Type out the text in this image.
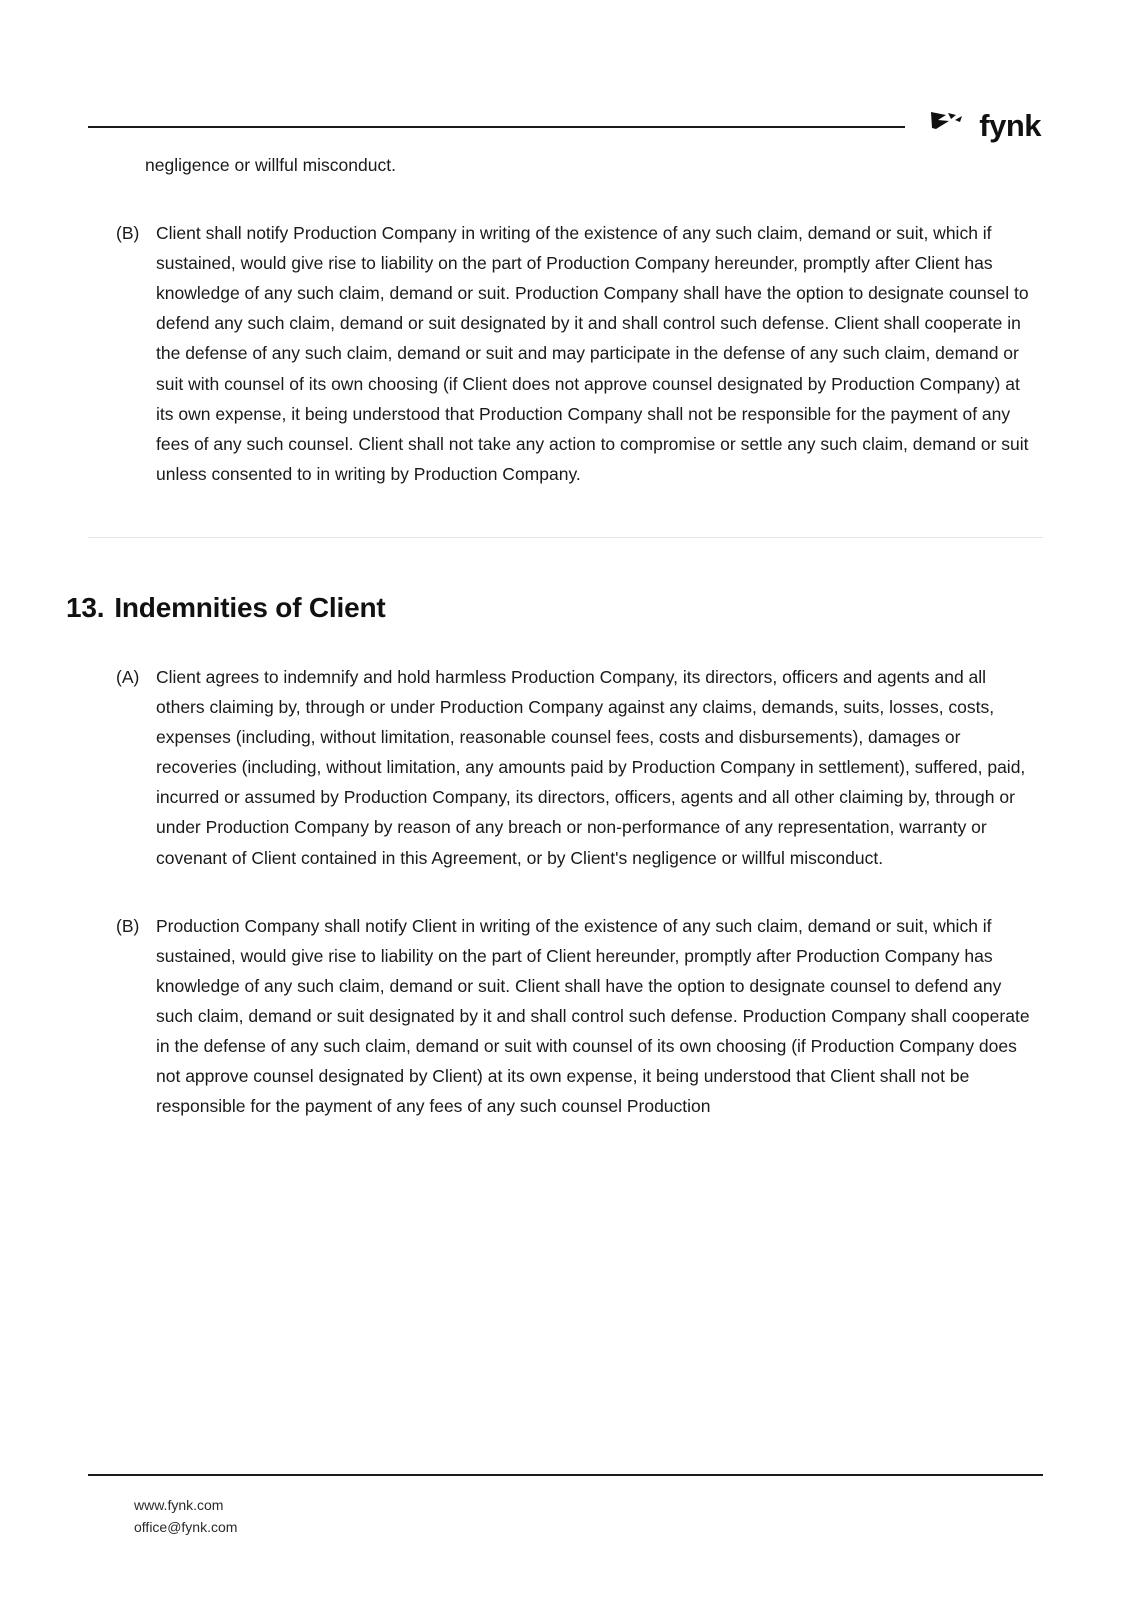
fynk

negligence or willful misconduct.

(B) Client shall notify Production Company in writing of the existence of any such claim, demand or suit, which if sustained, would give rise to liability on the part of Production Company hereunder, promptly after Client has knowledge of any such claim, demand or suit. Production Company shall have the option to designate counsel to defend any such claim, demand or suit designated by it and shall control such defense. Client shall cooperate in the defense of any such claim, demand or suit and may participate in the defense of any such claim, demand or suit with counsel of its own choosing (if Client does not approve counsel designated by Production Company) at its own expense, it being understood that Production Company shall not be responsible for the payment of any fees of any such counsel. Client shall not take any action to compromise or settle any such claim, demand or suit unless consented to in writing by Production Company.
13. Indemnities of Client
(A) Client agrees to indemnify and hold harmless Production Company, its directors, officers and agents and all others claiming by, through or under Production Company against any claims, demands, suits, losses, costs, expenses (including, without limitation, reasonable counsel fees, costs and disbursements), damages or recoveries (including, without limitation, any amounts paid by Production Company in settlement), suffered, paid, incurred or assumed by Production Company, its directors, officers, agents and all other claiming by, through or under Production Company by reason of any breach or non-performance of any representation, warranty or covenant of Client contained in this Agreement, or by Client's negligence or willful misconduct.
(B) Production Company shall notify Client in writing of the existence of any such claim, demand or suit, which if sustained, would give rise to liability on the part of Client hereunder, promptly after Production Company has knowledge of any such claim, demand or suit. Client shall have the option to designate counsel to defend any such claim, demand or suit designated by it and shall control such defense. Production Company shall cooperate in the defense of any such claim, demand or suit with counsel of its own choosing (if Production Company does not approve counsel designated by Client) at its own expense, it being understood that Client shall not be responsible for the payment of any fees of any such counsel Production
www.fynk.com
office@fynk.com
